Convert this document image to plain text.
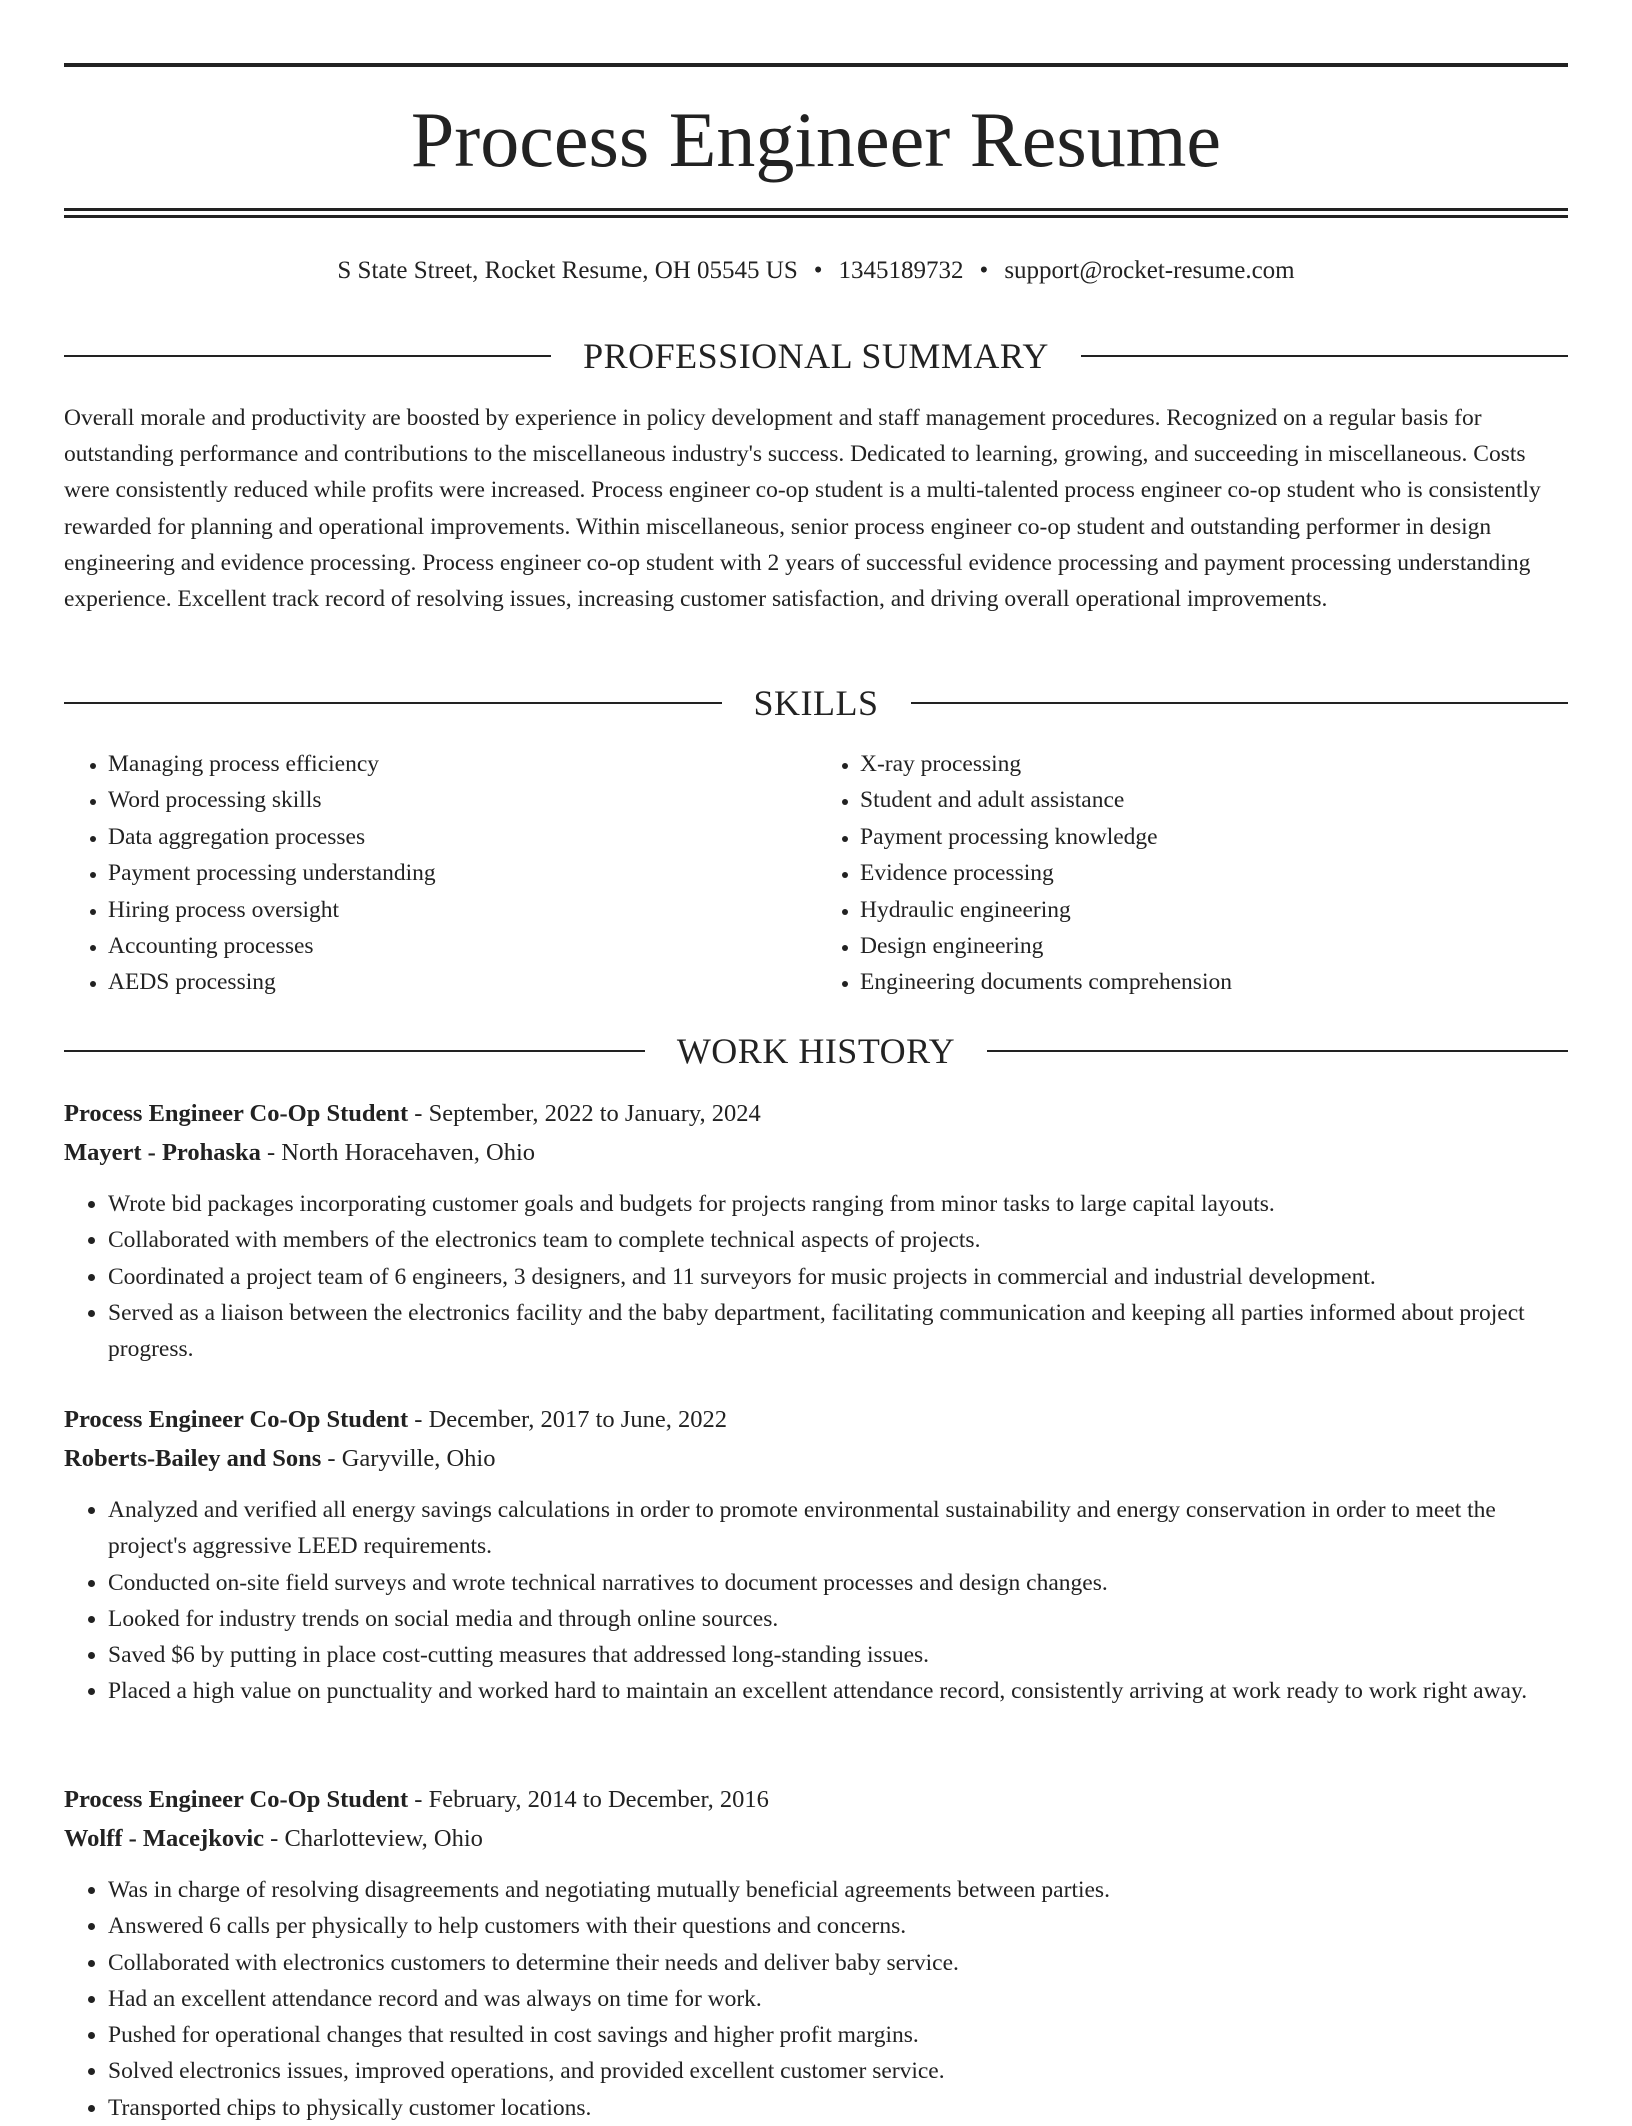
Process Engineer Resume
S State Street, Rocket Resume, OH 05545 US • 1345189732 • support@rocket-resume.com
PROFESSIONAL SUMMARY

Overall morale and productivity are boosted by experience in policy development and staff management procedures. Recognized on a regular basis for outstanding performance and contributions to the miscellaneous industry's success. Dedicated to learning, growing, and succeeding in miscellaneous. Costs were consistently reduced while profits were increased. Process engineer co-op student is a multi-talented process engineer co-op student who is consistently rewarded for planning and operational improvements. Within miscellaneous, senior process engineer co-op student and outstanding performer in design engineering and evidence processing. Process engineer co-op student with 2 years of successful evidence processing and payment processing understanding experience. Excellent track record of resolving issues, increasing customer satisfaction, and driving overall operational improvements.

SKILLS
• Managing process efficiency
• Word processing skills
• Data aggregation processes
• Payment processing understanding
• Hiring process oversight
• Accounting processes
• AEDS processing
• X-ray processing
• Student and adult assistance
• Payment processing knowledge
• Evidence processing
• Hydraulic engineering
• Design engineering
• Engineering documents comprehension
WORK HISTORY
Process Engineer Co-Op Student - September, 2022 to January, 2024
Mayert - Prohaska - North Horacehaven, Ohio
• Wrote bid packages incorporating customer goals and budgets for projects ranging from minor tasks to large capital layouts.
• Collaborated with members of the electronics team to complete technical aspects of projects.
• Coordinated a project team of 6 engineers, 3 designers, and 11 surveyors for music projects in commercial and industrial development.
• Served as a liaison between the electronics facility and the baby department, facilitating communication and keeping all parties informed about project progress.
Process Engineer Co-Op Student - December, 2017 to June, 2022
Roberts-Bailey and Sons - Garyville, Ohio
• Analyzed and verified all energy savings calculations in order to promote environmental sustainability and energy conservation in order to meet the project's aggressive LEED requirements.
• Conducted on-site field surveys and wrote technical narratives to document processes and design changes.
• Looked for industry trends on social media and through online sources.
• Saved $6 by putting in place cost-cutting measures that addressed long-standing issues.
• Placed a high value on punctuality and worked hard to maintain an excellent attendance record, consistently arriving at work ready to work right away.
Process Engineer Co-Op Student - February, 2014 to December, 2016
Wolff - Macejkovic - Charlotteview, Ohio
• Was in charge of resolving disagreements and negotiating mutually beneficial agreements between parties.
• Answered 6 calls per physically to help customers with their questions and concerns.
• Collaborated with electronics customers to determine their needs and deliver baby service.
• Had an excellent attendance record and was always on time for work.
• Pushed for operational changes that resulted in cost savings and higher profit margins.
• Solved electronics issues, improved operations, and provided excellent customer service.
• Transported chips to physically customer locations.
